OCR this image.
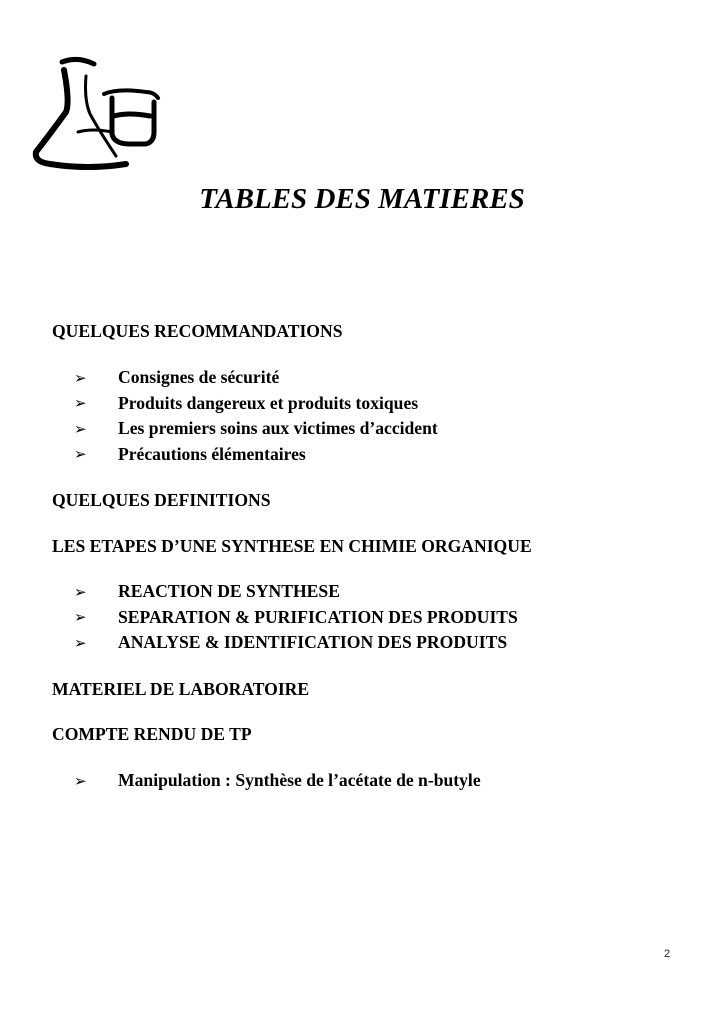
TABLES DES MATIERES
QUELQUES RECOMMANDATIONS
➢	Consignes de sécurité
➢	Produits dangereux et produits toxiques
➢	Les premiers soins aux victimes d’accident
➢	Précautions élémentaires
QUELQUES DEFINITIONS
LES ETAPES D’UNE SYNTHESE EN CHIMIE ORGANIQUE
➢	REACTION DE SYNTHESE
➢	SEPARATION & PURIFICATION DES PRODUITS
➢	ANALYSE & IDENTIFICATION DES PRODUITS
MATERIEL DE LABORATOIRE
COMPTE RENDU DE TP
➢	Manipulation : Synthèse de l’acétate de n-butyle
2
